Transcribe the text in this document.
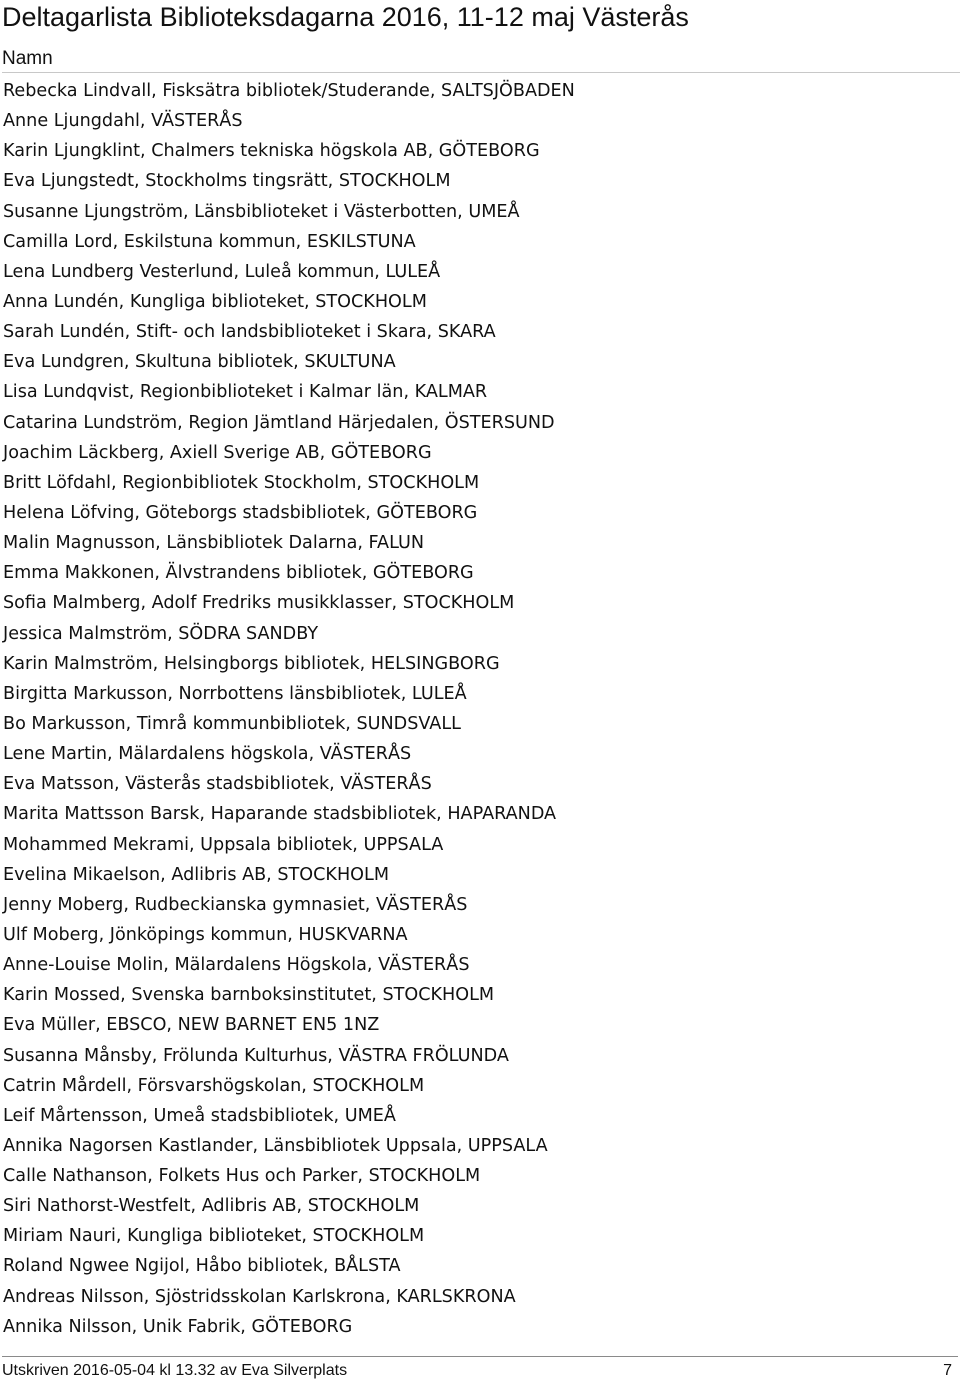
Deltagarlista Biblioteksdagarna 2016, 11-12 maj Västerås
Namn
Rebecka Lindvall, Fisksätra bibliotek/Studerande, SALTSJÖBADEN
Anne Ljungdahl, VÄSTERÅS
Karin Ljungklint, Chalmers tekniska högskola AB, GÖTEBORG
Eva Ljungstedt, Stockholms tingsrätt, STOCKHOLM
Susanne Ljungström, Länsbiblioteket i Västerbotten, UMEÅ
Camilla Lord, Eskilstuna kommun, ESKILSTUNA
Lena Lundberg Vesterlund, Luleå kommun, LULEÅ
Anna Lundén, Kungliga biblioteket, STOCKHOLM
Sarah Lundén, Stift- och landsbiblioteket i Skara, SKARA
Eva Lundgren, Skultuna bibliotek, SKULTUNA
Lisa Lundqvist, Regionbiblioteket i Kalmar län, KALMAR
Catarina Lundström, Region Jämtland Härjedalen, ÖSTERSUND
Joachim Läckberg, Axiell Sverige AB, GÖTEBORG
Britt Löfdahl, Regionbibliotek Stockholm, STOCKHOLM
Helena Löfving, Göteborgs stadsbibliotek, GÖTEBORG
Malin Magnusson, Länsbibliotek Dalarna, FALUN
Emma Makkonen, Älvstrandens bibliotek, GÖTEBORG
Sofia Malmberg, Adolf Fredriks musikklasser, STOCKHOLM
Jessica Malmström, SÖDRA SANDBY
Karin Malmström, Helsingborgs bibliotek, HELSINGBORG
Birgitta Markusson, Norrbottens länsbibliotek, LULEÅ
Bo Markusson, Timrå kommunbibliotek, SUNDSVALL
Lene Martin, Mälardalens högskola, VÄSTERÅS
Eva Matsson, Västerås stadsbibliotek, VÄSTERÅS
Marita Mattsson Barsk, Haparande stadsbibliotek, HAPARANDA
Mohammed Mekrami, Uppsala bibliotek, UPPSALA
Evelina Mikaelson, Adlibris AB, STOCKHOLM
Jenny Moberg, Rudbeckianska gymnasiet, VÄSTERÅS
Ulf Moberg, Jönköpings kommun, HUSKVARNA
Anne-Louise Molin, Mälardalens Högskola, VÄSTERÅS
Karin Mossed, Svenska barnboksinstitutet, STOCKHOLM
Eva Müller, EBSCO, NEW BARNET EN5 1NZ
Susanna Månsby, Frölunda Kulturhus, VÄSTRA FRÖLUNDA
Catrin Mårdell, Försvarshögskolan, STOCKHOLM
Leif Mårtensson, Umeå stadsbibliotek, UMEÅ
Annika Nagorsen Kastlander, Länsbibliotek Uppsala, UPPSALA
Calle Nathanson, Folkets Hus och Parker, STOCKHOLM
Siri Nathorst-Westfelt, Adlibris AB, STOCKHOLM
Miriam Nauri, Kungliga biblioteket, STOCKHOLM
Roland Ngwee Ngijol, Håbo bibliotek, BÅLSTA
Andreas Nilsson, Sjöstridsskolan Karlskrona, KARLSKRONA
Annika Nilsson, Unik Fabrik, GÖTEBORG
Utskriven 2016-05-04 kl 13.32 av Eva Silverplats	7
